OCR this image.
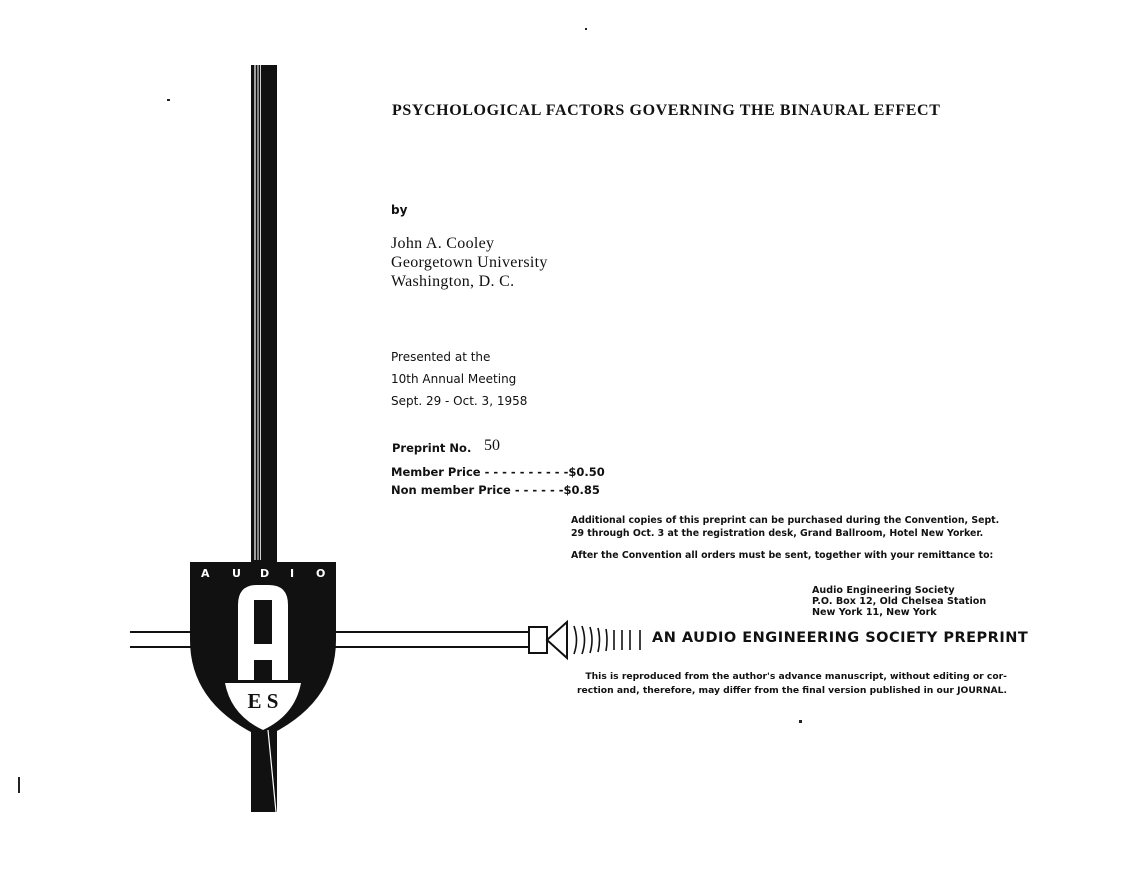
A U D I O
E S
PSYCHOLOGICAL FACTORS GOVERNING THE BINAURAL EFFECT
by
John A. Cooley
Georgetown University
Washington, D. C.
Presented at the
10th Annual Meeting
Sept. 29 - Oct. 3, 1958
Preprint No. 50
Member Price - - - - - - - - - -$0.50
Non member Price - - - - - -$0.85
Additional copies of this preprint can be purchased during the Convention, Sept.
29 through Oct. 3 at the registration desk, Grand Ballroom, Hotel New Yorker.
After the Convention all orders must be sent, together with your remittance to:
Audio Engineering Society
P.O. Box 12, Old Chelsea Station
New York 11, New York
AN AUDIO ENGINEERING SOCIETY PREPRINT
This is reproduced from the author's advance manuscript, without editing or cor-
rection and, therefore, may differ from the final version published in our JOURNAL.
